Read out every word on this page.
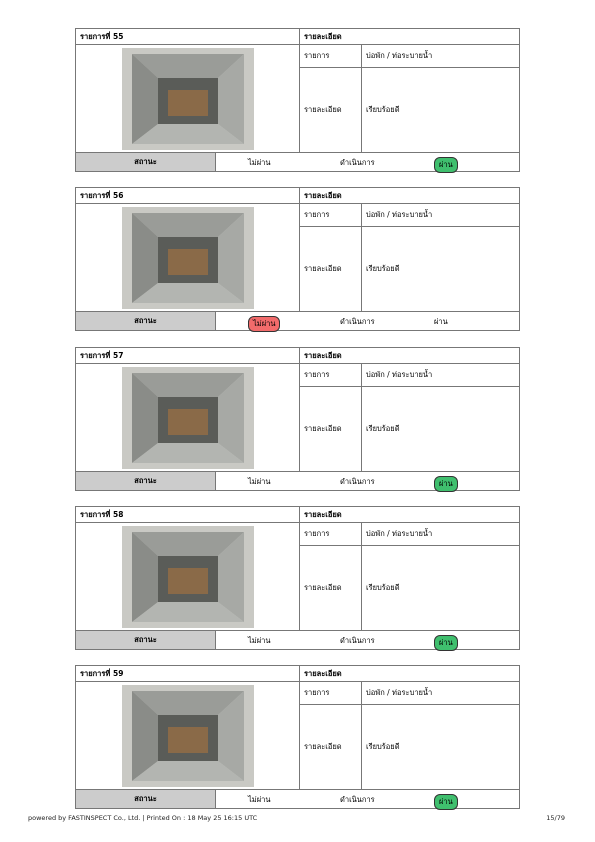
รายการที่ 55		รายละเอียด	

	รายการ	บ่อพัก / ท่อระบายน้ำ
		รายละเอียด	เรียบร้อยดี
สถานะ	ไม่ผ่าน ดำเนินการ ผ่าน		
รายการที่ 56		รายละเอียด	

	รายการ	บ่อพัก / ท่อระบายน้ำ
		รายละเอียด	เรียบร้อยดี
สถานะ	ไม่ผ่าน ดำเนินการ ผ่าน		
รายการที่ 57		รายละเอียด	

	รายการ	บ่อพัก / ท่อระบายน้ำ
		รายละเอียด	เรียบร้อยดี
สถานะ	ไม่ผ่าน ดำเนินการ ผ่าน		
รายการที่ 58		รายละเอียด	

	รายการ	บ่อพัก / ท่อระบายน้ำ
		รายละเอียด	เรียบร้อยดี
สถานะ	ไม่ผ่าน ดำเนินการ ผ่าน		
รายการที่ 59		รายละเอียด	

	รายการ	บ่อพัก / ท่อระบายน้ำ
		รายละเอียด	เรียบร้อยดี
สถานะ	ไม่ผ่าน ดำเนินการ ผ่าน		
powered by FASTINSPECT Co., Ltd. | Printed On : 18 May 25 16:15 UTC	15/79
